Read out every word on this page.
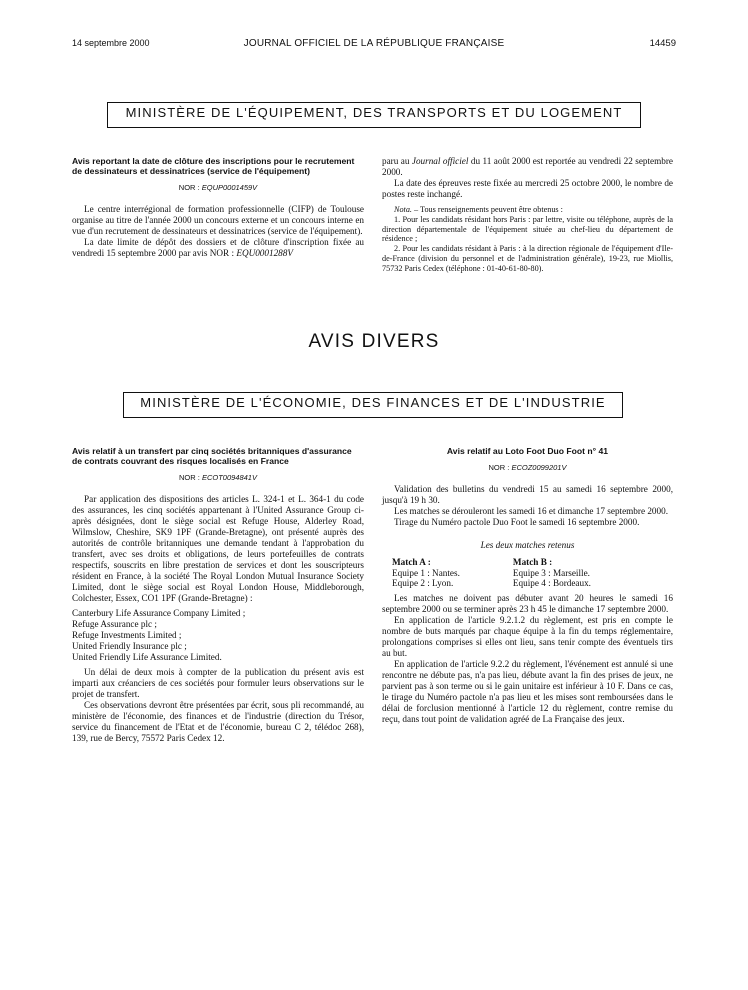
14 septembre 2000	JOURNAL OFFICIEL DE LA RÉPUBLIQUE FRANÇAISE	14459
MINISTÈRE DE L'ÉQUIPEMENT, DES TRANSPORTS ET DU LOGEMENT
Avis reportant la date de clôture des inscriptions pour le recrutement de dessinateurs et dessinatrices (service de l'équipement)
NOR : EQUP0001459V

Le centre interrégional de formation professionnelle (CIFP) de Toulouse organise au titre de l'année 2000 un concours externe et un concours interne en vue d'un recrutement de dessinateurs et dessinatrices (service de l'équipement).

La date limite de dépôt des dossiers et de clôture d'inscription fixée au vendredi 15 septembre 2000 par avis NOR : EQU0001288V

paru au Journal officiel du 11 août 2000 est reportée au vendredi 22 septembre 2000.

La date des épreuves reste fixée au mercredi 25 octobre 2000, le nombre de postes reste inchangé.

Nota. – Tous renseignements peuvent être obtenus :

1. Pour les candidats résidant hors Paris : par lettre, visite ou téléphone, auprès de la direction départementale de l'équipement située au chef-lieu du département de résidence ;

2. Pour les candidats résidant à Paris : à la direction régionale de l'équipement d'Ile-de-France (division du personnel et de l'administration générale), 19-23, rue Miollis, 75732 Paris Cedex (téléphone : 01-40-61-80-80).

AVIS DIVERS
MINISTÈRE DE L'ÉCONOMIE, DES FINANCES ET DE L'INDUSTRIE
Avis relatif à un transfert par cinq sociétés britanniques d'assurance de contrats couvrant des risques localisés en France
NOR : ECOT0094841V

Par application des dispositions des articles L. 324-1 et L. 364-1 du code des assurances, les cinq sociétés appartenant à l'United Assurance Group ci-après désignées, dont le siège social est Refuge House, Alderley Road, Wilmslow, Cheshire, SK9 1PF (Grande-Bretagne), ont présenté auprès des autorités de contrôle britanniques une demande tendant à l'approbation du transfert, avec ses droits et obligations, de leurs portefeuilles de contrats respectifs, souscrits en libre prestation de services et dont les souscripteurs résident en France, à la société The Royal London Mutual Insurance Society Limited, dont le siège social est Royal London House, Middleborough, Colchester, Essex, CO1 1PF (Grande-Bretagne) :

Canterbury Life Assurance Company Limited ;
Refuge Assurance plc ;
Refuge Investments Limited ;
United Friendly Insurance plc ;
United Friendly Life Assurance Limited.

Un délai de deux mois à compter de la publication du présent avis est imparti aux créanciers de ces sociétés pour formuler leurs observations sur le projet de transfert.

Ces observations devront être présentées par écrit, sous pli recommandé, au ministère de l'économie, des finances et de l'industrie (direction du Trésor, service du financement de l'Etat et de l'économie, bureau C 2, télédoc 268), 139, rue de Bercy, 75572 Paris Cedex 12.

Avis relatif au Loto Foot Duo Foot n° 41
NOR : ECOZ0099201V

Validation des bulletins du vendredi 15 au samedi 16 septembre 2000, jusqu'à 19 h 30.

Les matches se dérouleront les samedi 16 et dimanche 17 septembre 2000.

Tirage du Numéro pactole Duo Foot le samedi 16 septembre 2000.

Les deux matches retenus
Match A :	Match B :
Equipe 1 : Nantes.	Equipe 3 : Marseille.
Equipe 2 : Lyon.	Equipe 4 : Bordeaux.

Les matches ne doivent pas débuter avant 20 heures le samedi 16 septembre 2000 ou se terminer après 23 h 45 le dimanche 17 septembre 2000.

En application de l'article 9.2.1.2 du règlement, est pris en compte le nombre de buts marqués par chaque équipe à la fin du temps réglementaire, prolongations comprises si elles ont lieu, sans tenir compte des éventuels tirs au but.

En application de l'article 9.2.2 du règlement, l'événement est annulé si une rencontre ne débute pas, n'a pas lieu, débute avant la fin des prises de jeux, ne parvient pas à son terme ou si le gain unitaire est inférieur à 10 F. Dans ce cas, le tirage du Numéro pactole n'a pas lieu et les mises sont remboursées dans le délai de forclusion mentionné à l'article 12 du règlement, contre remise du reçu, dans tout point de validation agréé de La Française des jeux.
